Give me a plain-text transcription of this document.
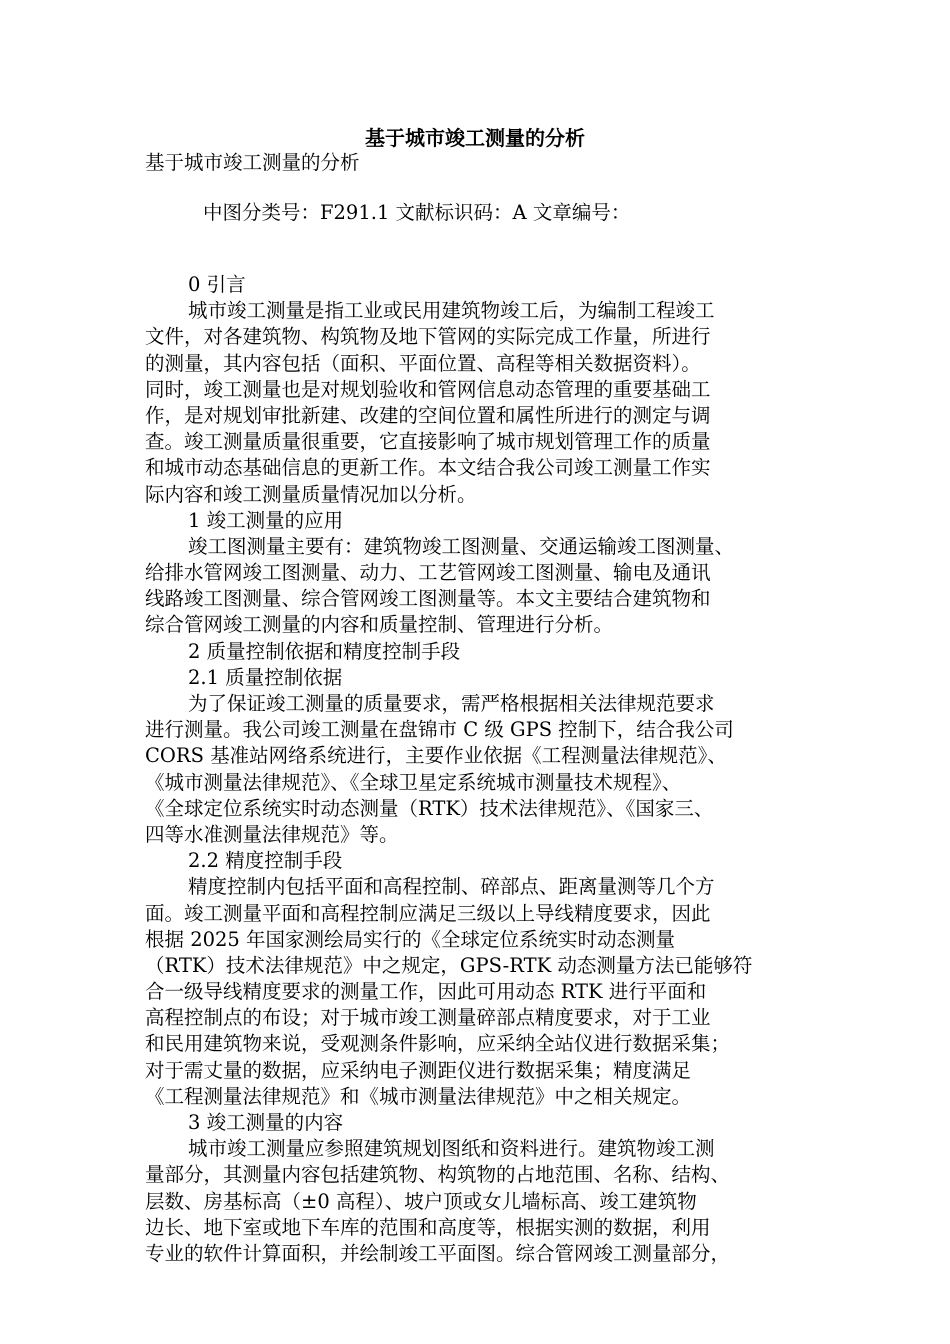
基于城市竣工测量的分析

基于城市竣工测量的分析

中图分类号：F291.1 文献标识码：A 文章编号：

0 引言
城市竣工测量是指工业或民用建筑物竣工后，为编制工程竣工
文件，对各建筑物、构筑物及地下管网的实际完成工作量，所进行
的测量，其内容包括（面积、平面位置、高程等相关数据资料）。
同时，竣工测量也是对规划验收和管网信息动态管理的重要基础工
作，是对规划审批新建、改建的空间位置和属性所进行的测定与调
查。竣工测量质量很重要，它直接影响了城市规划管理工作的质量
和城市动态基础信息的更新工作。本文结合我公司竣工测量工作实
际内容和竣工测量质量情况加以分析。
1 竣工测量的应用
竣工图测量主要有：建筑物竣工图测量、交通运输竣工图测量、
给排水管网竣工图测量、动力、工艺管网竣工图测量、输电及通讯
线路竣工图测量、综合管网竣工图测量等。本文主要结合建筑物和
综合管网竣工测量的内容和质量控制、管理进行分析。
2 质量控制依据和精度控制手段
2.1 质量控制依据
为了保证竣工测量的质量要求，需严格根据相关法律规范要求
进行测量。我公司竣工测量在盘锦市 C 级 GPS 控制下，结合我公司
CORS 基准站网络系统进行，主要作业依据《工程测量法律规范》、
《城市测量法律规范》、《全球卫星定系统城市测量技术规程》、
《全球定位系统实时动态测量（RTK）技术法律规范》、《国家三、
四等水准测量法律规范》等。
2.2 精度控制手段
精度控制内包括平面和高程控制、碎部点、距离量测等几个方
面。竣工测量平面和高程控制应满足三级以上导线精度要求，因此
根据 2025 年国家测绘局实行的《全球定位系统实时动态测量
（RTK）技术法律规范》中之规定，GPS-RTK 动态测量方法已能够符
合一级导线精度要求的测量工作，因此可用动态 RTK 进行平面和
高程控制点的布设；对于城市竣工测量碎部点精度要求，对于工业
和民用建筑物来说，受观测条件影响，应采纳全站仪进行数据采集；
对于需丈量的数据，应采纳电子测距仪进行数据采集；精度满足
《工程测量法律规范》和《城市测量法律规范》中之相关规定。
3 竣工测量的内容
城市竣工测量应参照建筑规划图纸和资料进行。建筑物竣工测
量部分，其测量内容包括建筑物、构筑物的占地范围、名称、结构、
层数、房基标高（±0 高程）、坡户顶或女儿墙标高、竣工建筑物
边长、地下室或地下车库的范围和高度等，根据实测的数据，利用
专业的软件计算面积，并绘制竣工平面图。综合管网竣工测量部分，
